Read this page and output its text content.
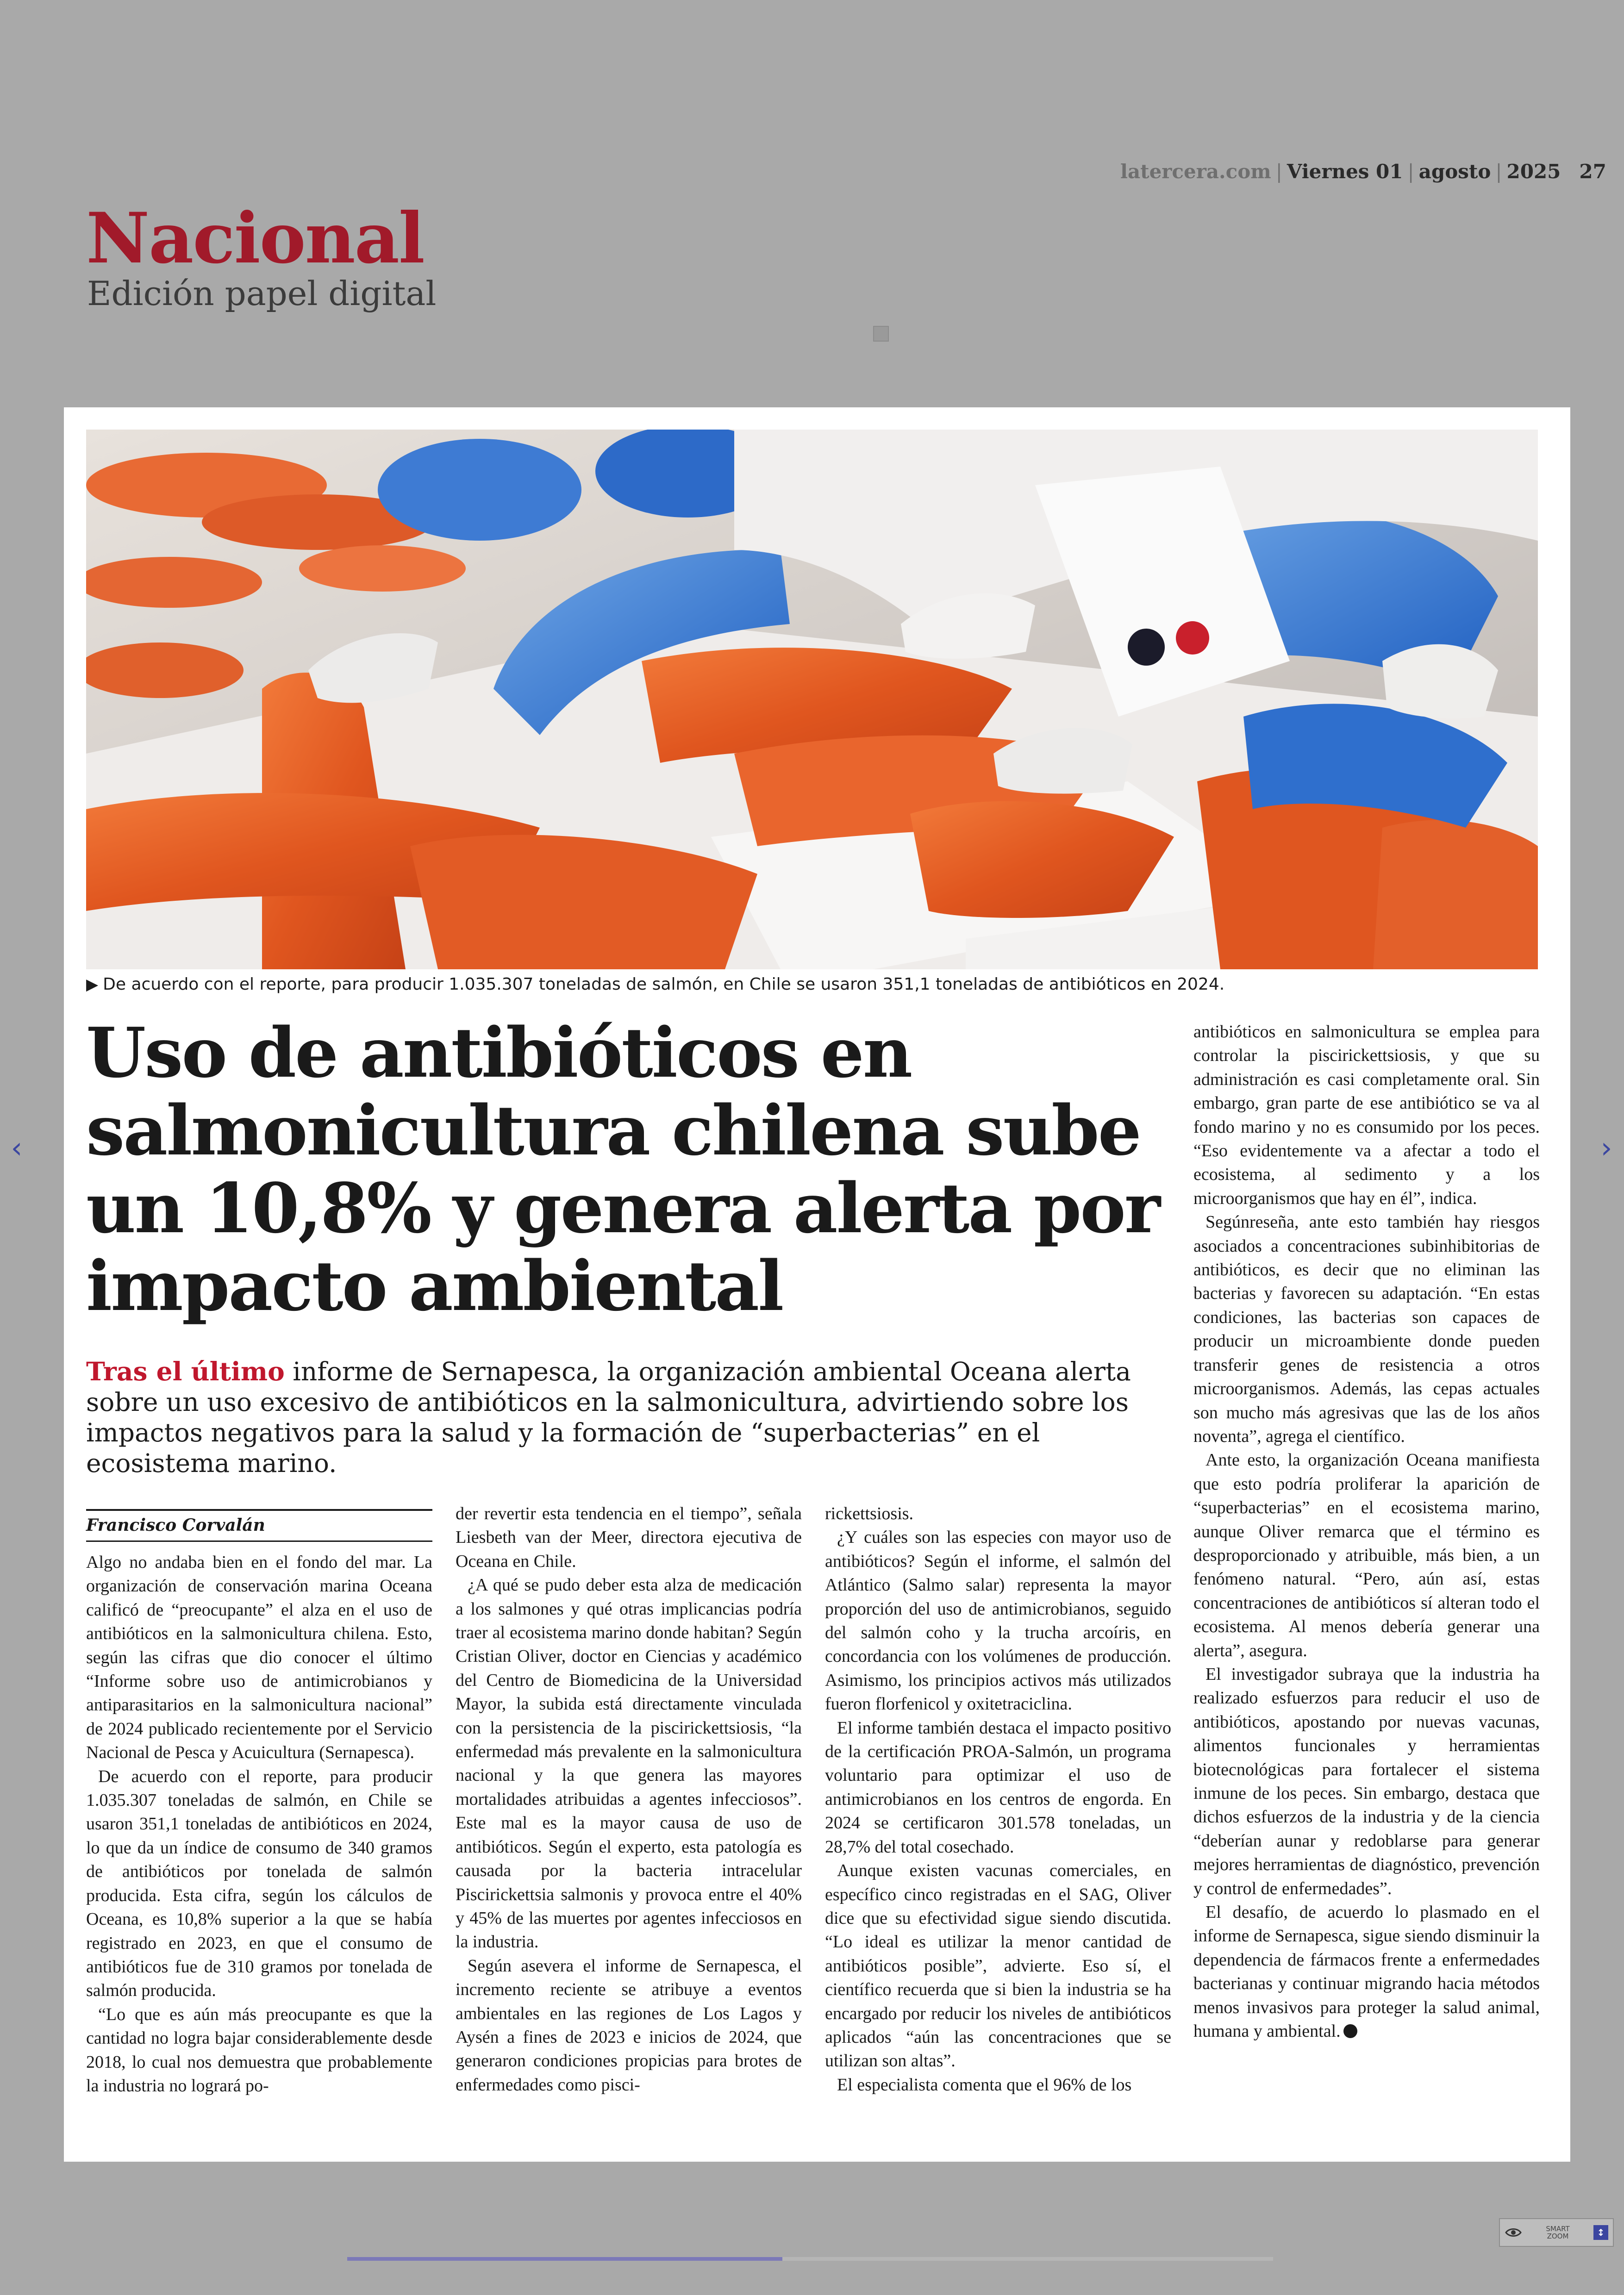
latercera.com | Viernes 01 | agosto | 2025 27
Nacional
Edición papel digital
▶ De acuerdo con el reporte, para producir 1.035.307 toneladas de salmón, en Chile se usaron 351,1 toneladas de antibióticos en 2024.
Uso de antibióticos en salmonicultura chilena sube un 10,8% y genera alerta por impacto ambiental
Tras el último informe de Sernapesca, la organización ambiental Oceana alerta sobre un uso excesivo de antibióticos en la salmonicultura, advirtiendo sobre los impactos negativos para la salud y la formación de “superbacterias” en el ecosistema marino.
Francisco Corvalán

Algo no andaba bien en el fondo del mar. La organización de conservación marina Oceana calificó de “preocupante” el alza en el uso de antibióticos en la salmonicultura chilena. Esto, según las cifras que dio conocer el último “Informe sobre uso de antimicrobianos y antiparasitarios en la salmonicultura nacional” de 2024 publicado recientemente por el Servicio Nacional de Pesca y Acuicultura (Sernapesca).

De acuerdo con el reporte, para producir 1.035.307 toneladas de salmón, en Chile se usaron 351,1 toneladas de antibióticos en 2024, lo que da un índice de consumo de 340 gramos de antibióticos por tonelada de salmón producida. Esta cifra, según los cálculos de Oceana, es 10,8% superior a la que se había registrado en 2023, en que el consumo de antibióticos fue de 310 gramos por tonelada de salmón producida.

“Lo que es aún más preocupante es que la cantidad no logra bajar considerablemente desde 2018, lo cual nos demuestra que probablemente la industria no logrará po-

der revertir esta tendencia en el tiempo”, señala Liesbeth van der Meer, directora ejecutiva de Oceana en Chile.

¿A qué se pudo deber esta alza de medicación a los salmones y qué otras implicancias podría traer al ecosistema marino donde habitan? Según Cristian Oliver, doctor en Ciencias y académico del Centro de Biomedicina de la Universidad Mayor, la subida está directamente vinculada con la persistencia de la piscirickettsiosis, “la enfermedad más prevalente en la salmonicultura nacional y la que genera las mayores mortalidades atribuidas a agentes infecciosos”. Este mal es la mayor causa de uso de antibióticos. Según el experto, esta patología es causada por la bacteria intracelular Piscirickettsia salmonis y provoca entre el 40% y 45% de las muertes por agentes infecciosos en la industria.

Según asevera el informe de Sernapesca, el incremento reciente se atribuye a eventos ambientales en las regiones de Los Lagos y Aysén a fines de 2023 e inicios de 2024, que generaron condiciones propicias para brotes de enfermedades como pisci-

rickettsiosis.

¿Y cuáles son las especies con mayor uso de antibióticos? Según el informe, el salmón del Atlántico (Salmo salar) representa la mayor proporción del uso de antimicrobianos, seguido del salmón coho y la trucha arcoíris, en concordancia con los volúmenes de producción. Asimismo, los principios activos más utilizados fueron florfenicol y oxitetraciclina.

El informe también destaca el impacto positivo de la certificación PROA-Salmón, un programa voluntario para optimizar el uso de antimicrobianos en los centros de engorda. En 2024 se certificaron 301.578 toneladas, un 28,7% del total cosechado.

Aunque existen vacunas comerciales, en específico cinco registradas en el SAG, Oliver dice que su efectividad sigue siendo discutida. “Lo ideal es utilizar la menor cantidad de antibióticos posible”, advierte. Eso sí, el científico recuerda que si bien la industria se ha encargado por reducir los niveles de antibióticos aplicados “aún las concentraciones que se utilizan son altas”.

El especialista comenta que el 96% de los

antibióticos en salmonicultura se emplea para controlar la piscirickettsiosis, y que su administración es casi completamente oral. Sin embargo, gran parte de ese antibiótico se va al fondo marino y no es consumido por los peces. “Eso evidentemente va a afectar a todo el ecosistema, al sedimento y a los microorganismos que hay en él”, indica.

Segúnreseña, ante esto también hay riesgos asociados a concentraciones subinhibitorias de antibióticos, es decir que no eliminan las bacterias y favorecen su adaptación. “En estas condiciones, las bacterias son capaces de producir un microambiente donde pueden transferir genes de resistencia a otros microorganismos. Además, las cepas actuales son mucho más agresivas que las de los años noventa”, agrega el científico.

Ante esto, la organización Oceana manifiesta que esto podría proliferar la aparición de “superbacterias” en el ecosistema marino, aunque Oliver remarca que el término es desproporcionado y atribuible, más bien, a un fenómeno natural. “Pero, aún así, estas concentraciones de antibióticos sí alteran todo el ecosistema. Al menos debería generar una alerta”, asegura.

El investigador subraya que la industria ha realizado esfuerzos para reducir el uso de antibióticos, apostando por nuevas vacunas, alimentos funcionales y herramientas biotecnológicas para fortalecer el sistema inmune de los peces. Sin embargo, destaca que dichos esfuerzos de la industria y de la ciencia “deberían aunar y redoblarse para generar mejores herramientas de diagnóstico, prevención y control de enfermedades”.

El desafío, de acuerdo lo plasmado en el informe de Sernapesca, sigue siendo disminuir la dependencia de fármacos frente a enfermedades bacterianas y continuar migrando hacia métodos menos invasivos para proteger la salud animal, humana y ambiental.

‹	›
SMART ZOOM	↕
